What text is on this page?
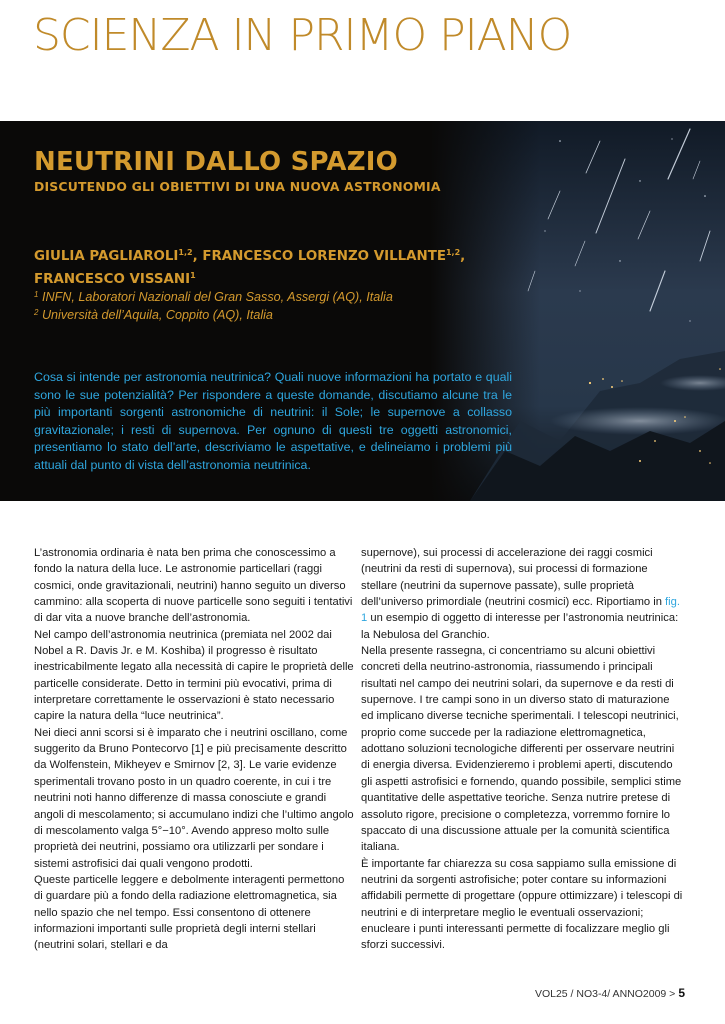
SCIENZA IN PRIMO PIANO
NEUTRINI DALLO SPAZIO
DISCUTENDO GLI OBIETTIVI DI UNA NUOVA ASTRONOMIA
GIULIA PAGLIAROLI$^{1,2}$, FRANCESCO LORENZO VILLANTE$^{1,2}$,
FRANCESCO VISSANI$^1$
$^1$ INFN, Laboratori Nazionali del Gran Sasso, Assergi (AQ), Italia
$^2$ Università dell’Aquila, Coppito (AQ), Italia

Cosa si intende per astronomia neutrinica? Quali nuove informazioni ha portato e quali sono le sue potenzialità? Per rispondere a queste domande, discutiamo alcune tra le più importanti sorgenti astronomiche di neutrini: il Sole; le supernove a collasso gravitazionale; i resti di supernova. Per ognuno di questi tre oggetti astronomici, presentiamo lo stato dell’arte, descriviamo le aspettative, e delineiamo i problemi più attuali dal punto di vista dell’astronomia neutrinica.

L’astronomia ordinaria è nata ben prima che conoscessimo a fondo la natura della luce. Le astronomie particellari (raggi cosmici, onde gravitazionali, neutrini) hanno seguito un diverso cammino: alla scoperta di nuove particelle sono seguiti i tentativi di dar vita a nuove branche dell’astronomia.

Nel campo dell’astronomia neutrinica (premiata nel 2002 dai Nobel a R. Davis Jr. e M. Koshiba) il progresso è risultato inestricabilmente legato alla necessità di capire le proprietà delle particelle considerate. Detto in termini più evocativi, prima di interpretare correttamente le osservazioni è stato necessario capire la natura della “luce neutrinica”.

Nei dieci anni scorsi si è imparato che i neutrini oscillano, come suggerito da Bruno Pontecorvo [1] e più precisamente descritto da Wolfenstein, Mikheyev e Smirnov [2, 3]. Le varie evidenze sperimentali trovano posto in un quadro coerente, in cui i tre neutrini noti hanno differenze di massa conosciute e grandi angoli di mescolamento; si accumulano indizi che l’ultimo angolo di mescolamento valga 5°−10°. Avendo appreso molto sulle proprietà dei neutrini, possiamo ora utilizzarli per sondare i sistemi astrofisici dai quali vengono prodotti.

Queste particelle leggere e debolmente interagenti permettono di guardare più a fondo della radiazione elettromagnetica, sia nello spazio che nel tempo. Essi consentono di ottenere informazioni importanti sulle proprietà degli interni stellari (neutrini solari, stellari e da

supernove), sui processi di accelerazione dei raggi cosmici (neutrini da resti di supernova), sui processi di formazione stellare (neutrini da supernove passate), sulle proprietà dell’universo primordiale (neutrini cosmici) ecc. Riportiamo in fig. 1 un esempio di oggetto di interesse per l’astronomia neutrinica: la Nebulosa del Granchio.

Nella presente rassegna, ci concentriamo su alcuni obiettivi concreti della neutrino-astronomia, riassumendo i principali risultati nel campo dei neutrini solari, da supernove e da resti di supernove. I tre campi sono in un diverso stato di maturazione ed implicano diverse tecniche sperimentali. I telescopi neutrinici, proprio come succede per la radiazione elettromagnetica, adottano soluzioni tecnologiche differenti per osservare neutrini di energia diversa. Evidenzieremo i problemi aperti, discutendo gli aspetti astrofisici e fornendo, quando possibile, semplici stime quantitative delle aspettative teoriche. Senza nutrire pretese di assoluto rigore, precisione o completezza, vorremmo fornire lo spaccato di una discussione attuale per la comunità scientifica italiana.

È importante far chiarezza su cosa sappiamo sulla emissione di neutrini da sorgenti astrofisiche; poter contare su informazioni affidabili permette di progettare (oppure ottimizzare) i telescopi di neutrini e di interpretare meglio le eventuali osservazioni; enucleare i punti interessanti permette di focalizzare meglio gli sforzi successivi.

VOL25 / NO3-4/ ANNO2009 > 5
